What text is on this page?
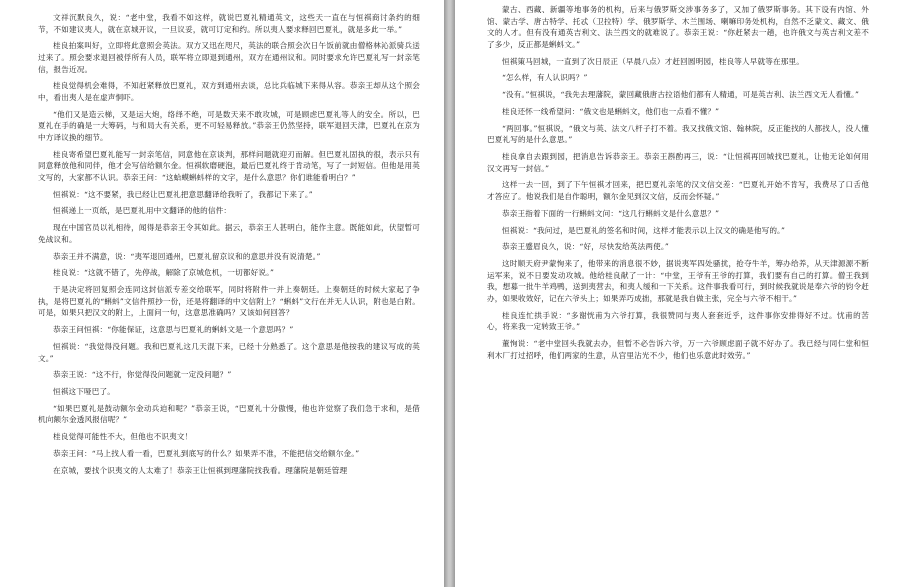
文祥沉默良久，说：“老中堂，我看不如这样，就说巴夏礼精通英文，这些天一直在与恒祺商讨条约的细节，不如建议夷人，就在京城开议，一旦议妥，就可订定和约。所以夷人要求释回巴夏礼，就是多此一举。”

桂良拍案叫好，立即将此意照会英法。双方又迅在咫尺，英法的联合照会次日午饭前就由僧格林沁派骑兵送过来了。照会要求退回被俘所有人员，联军将立即退到通州，双方在通州议和。同时要求允许巴夏礼写一封亲笔信，报告近况。

桂良觉得机会难得，不知赶紧释放巴夏礼，双方到通州去谈，总比兵临城下来得从容。恭亲王却从这个照会中，看出夷人是在虚声恫吓。

“他们又是造云梯，又是运大炮，络绎不绝，可是数天来不敢攻城，可是顾虑巴夏礼等人的安全。所以，巴夏礼在手的确是一大筹码，与和局大有关系，更不可轻易释放。”恭亲王仍然坚持，联军退回天津，巴夏礼在京为中方译议换的细节。

桂良寄希望巴夏礼能写一封亲笔信，同意他在京谈判，那样问题就迎刃而解。但巴夏礼固执的很，表示只有同意释放他和同伴，他才会写信给额尔金。恒祺软磨硬泡，最后巴夏礼终于肯动笔，写了一封短信。但他是用英文写的，大家都不认识。恭亲王问：“这蛤蟆蝌蚪样的文字，是什么意思？你们谁能看明白？”

恒祺说：“这不要紧，我已经让巴夏礼把意思翻译给我听了，我都记下来了。”

恒祺递上一页纸，是巴夏礼用中文翻译的他的信件：

现在中国官员以礼相待，闻得是恭亲王令其如此。据云，恭亲王人甚明白，能作主意。既能如此，伏望暂可免战议和。

恭亲王并不满意，说：“夷军退回通州，巴夏礼留京议和的意思并没有说清楚。”

桂良说：“这就不错了，先停战，解除了京城危机，一切都好说。”

于是决定将回复照会连同这封信派专差交给联军，同时将附件一并上奏朝廷。上奏朝廷的时候大家起了争执，是将巴夏礼的“蝌蚪”文信件照抄一份，还是将翻译的中文信附上？“蝌蚪”文行在并无人认识，附也是白附。可是，如果只把汉文的附上，上面问一句，这意思准确吗？又该如何回答？

恭亲王问恒祺：“你能保证，这意思与巴夏礼的蝌蚪文是一个意思吗？”

恒祺说：“我觉得没问题。我和巴夏礼这几天混下来，已经十分熟悉了。这个意思是他按我的建议写成的英文。”

恭亲王说：“这不行，你觉得没问题就一定没问题？”

恒祺这下哑巴了。

“如果巴夏礼是鼓动额尔金动兵迫和呢？”恭亲王说，“巴夏礼十分傲慢，他也许觉察了我们急于求和，是借机向额尔金透风报信呢？”

桂良觉得可能性不大，但他也不识夷文！

恭亲王问：“马上找人看一看，巴夏礼到底写的什么？如果弄不准，不能把信交给额尔金。”

在京城，要找个识夷文的人太难了！恭亲王让恒祺到理藩院找我看。理藩院是朝廷管理

蒙古、西藏、新疆等地事务的机构，后来与俄罗斯交涉事务多了，又加了俄罗斯事务。其下设有内馆、外馆、蒙古学、唐古特学、托忒（卫拉特）学、俄罗斯学、木兰围场、喇嘛印务处机构，自然不乏蒙文、藏文、俄文的人才。但有没有通英吉利文、法兰西文的就难说了。恭亲王说：“你赶紧去一趟，也许俄文与英吉利文差不了多少，反正都是蝌蚪文。”

恒祺策马回城，一直到了次日辰正（早晨八点）才赶回圆明园，桂良等人早就等在那里。

“怎么样，有人认识吗？”

“没有。”恒祺说，“我先去理藩院，蒙回藏俄唐古拉语他们都有人精通，可是英吉利、法兰西文无人看懂。”

桂良还怀一线希望问：“俄文也是蝌蚪文，他们也一点看不懂？”

“两回事。”恒祺说，“俄文与英、法文八杆子打不着。我又找俄文馆、翰林院，反正能找的人都找人，没人懂巴夏礼写的是什么意思。”

桂良拿自去跟到园，把消息告诉恭亲王。恭亲王斟酌再三，说：“让恒祺再回城找巴夏礼，让他无论如何用汉文再写一封信。”

这样一去一回，到了下午恒祺才回来，把巴夏礼亲笔的汉文信交差：“巴夏礼开始不肯写，我费尽了口舌他才答应了。他说我们是自作聪明，额尔金见到汉文信，反而会怀疑。”

恭亲王指着下面的一行蝌蚪文问：“这几行蝌蚪文是什么意思？”

恒祺说：“我问过，是巴夏礼的签名和时间，这样才能表示以上汉文的确是他写的。”

恭亲王蹙眉良久，说：“好，尽快发给英法两使。”

这时顺天府尹蒙恂来了，他带来的消息很不妙，据说夷军四处骚扰，抢夺牛羊，筹办给养，从天津源源不断运军来，说不日要发动攻城。他给桂良献了一计：“中堂，王爷有王爷的打算，我们要有自己的打算。僧王我到我，想募一批牛羊鸡鸭，送到夷营去，和夷人缓和一下关系。这件事我看可行，到时候我就说是奉六爷的钧令赶办，如果收效好，记在六爷头上；如果弄巧成拙，那就是我自做主张，完全与六爷不相干。”

桂良连忙拱手说：“多谢恍甫为六爷打算，我很赞同与夷人套套近乎，这件事你安排得好不过。忧甫的苦心，将来我一定转致王爷。”

董恂说：“老中堂回头我就去办，但暂不必告诉六爷，万一六爷顾虑面子就不好办了。我已经与同仁堂和恒利木厂打过招呼，他们两家的生意，从宫里沾光不少，他们也乐意此时效劳。”
